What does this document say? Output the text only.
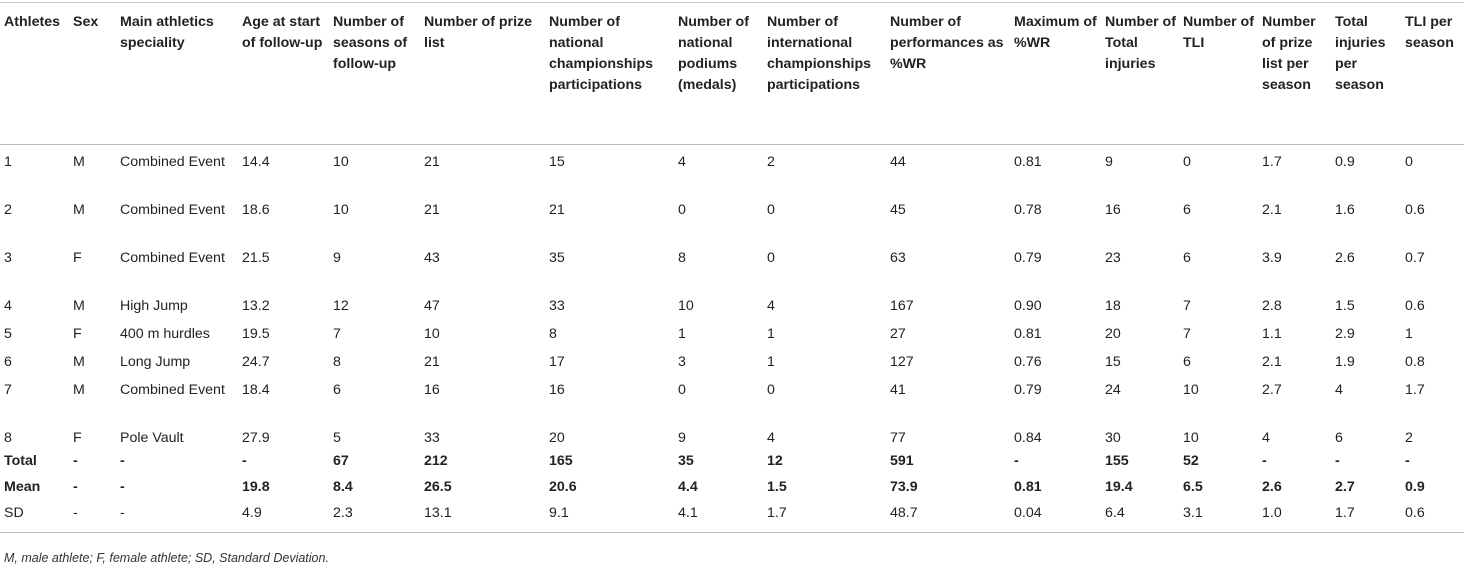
Athletes	Sex	Main athletics speciality	Age at start of follow-up	Number of seasons of follow-up	Number of prize list	Number of national championships participations	Number of national podiums (medals)	Number of international championships participations	Number of performances as %WR	Maximum of %WR	Number of Total injuries	Number of TLI	Number of prize list per season	Total injuries per season	TLI per season
1	M	Combined Event	14.4	10	21	15	4	2	44	0.81	9	0	1.7	0.9	0
2	M	Combined Event	18.6	10	21	21	0	0	45	0.78	16	6	2.1	1.6	0.6
3	F	Combined Event	21.5	9	43	35	8	0	63	0.79	23	6	3.9	2.6	0.7
4	M	High Jump	13.2	12	47	33	10	4	167	0.90	18	7	2.8	1.5	0.6
5	F	400 m hurdles	19.5	7	10	8	1	1	27	0.81	20	7	1.1	2.9	1
6	M	Long Jump	24.7	8	21	17	3	1	127	0.76	15	6	2.1	1.9	0.8
7	M	Combined Event	18.4	6	16	16	0	0	41	0.79	24	10	2.7	4	1.7
8	F	Pole Vault	27.9	5	33	20	9	4	77	0.84	30	10	4	6	2
Total	-	-	-	67	212	165	35	12	591	-	155	52	-	-	-
Mean	-	-	19.8	8.4	26.5	20.6	4.4	1.5	73.9	0.81	19.4	6.5	2.6	2.7	0.9
SD	-	-	4.9	2.3	13.1	9.1	4.1	1.7	48.7	0.04	6.4	3.1	1.0	1.7	0.6
M, male athlete; F, female athlete; SD, Standard Deviation.
